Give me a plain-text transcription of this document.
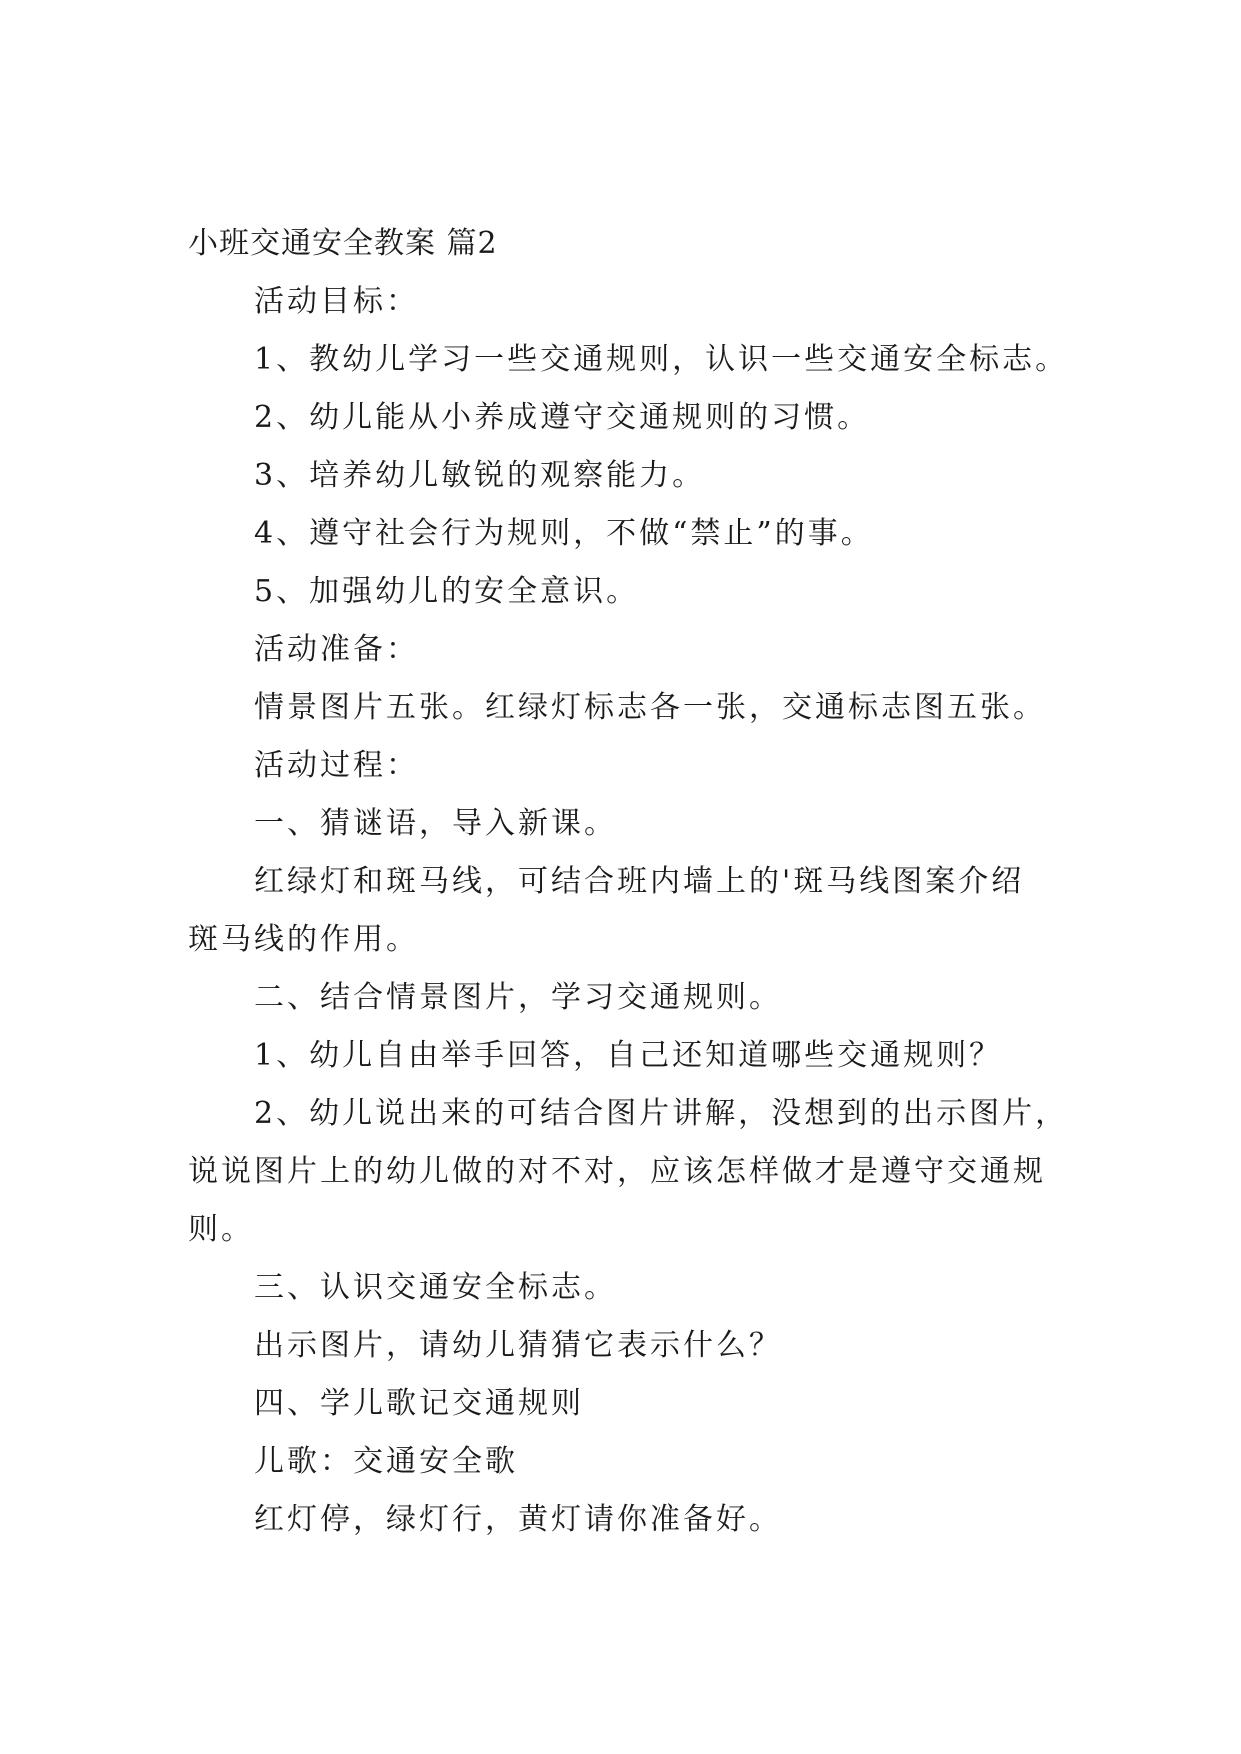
小班交通安全教案 篇2
活动目标：
1、教幼儿学习一些交通规则，认识一些交通安全标志。
2、幼儿能从小养成遵守交通规则的习惯。
3、培养幼儿敏锐的观察能力。
4、遵守社会行为规则，不做“禁止”的事。
5、加强幼儿的安全意识。
活动准备：
情景图片五张。红绿灯标志各一张，交通标志图五张。
活动过程：
一、猜谜语，导入新课。
红绿灯和斑马线，可结合班内墙上的'斑马线图案介绍
斑马线的作用。
二、结合情景图片，学习交通规则。
1、幼儿自由举手回答，自己还知道哪些交通规则？
2、幼儿说出来的可结合图片讲解，没想到的出示图片，
说说图片上的幼儿做的对不对，应该怎样做才是遵守交通规
则。
三、认识交通安全标志。
出示图片，请幼儿猜猜它表示什么？
四、学儿歌记交通规则
儿歌：交通安全歌
红灯停，绿灯行，黄灯请你准备好。
